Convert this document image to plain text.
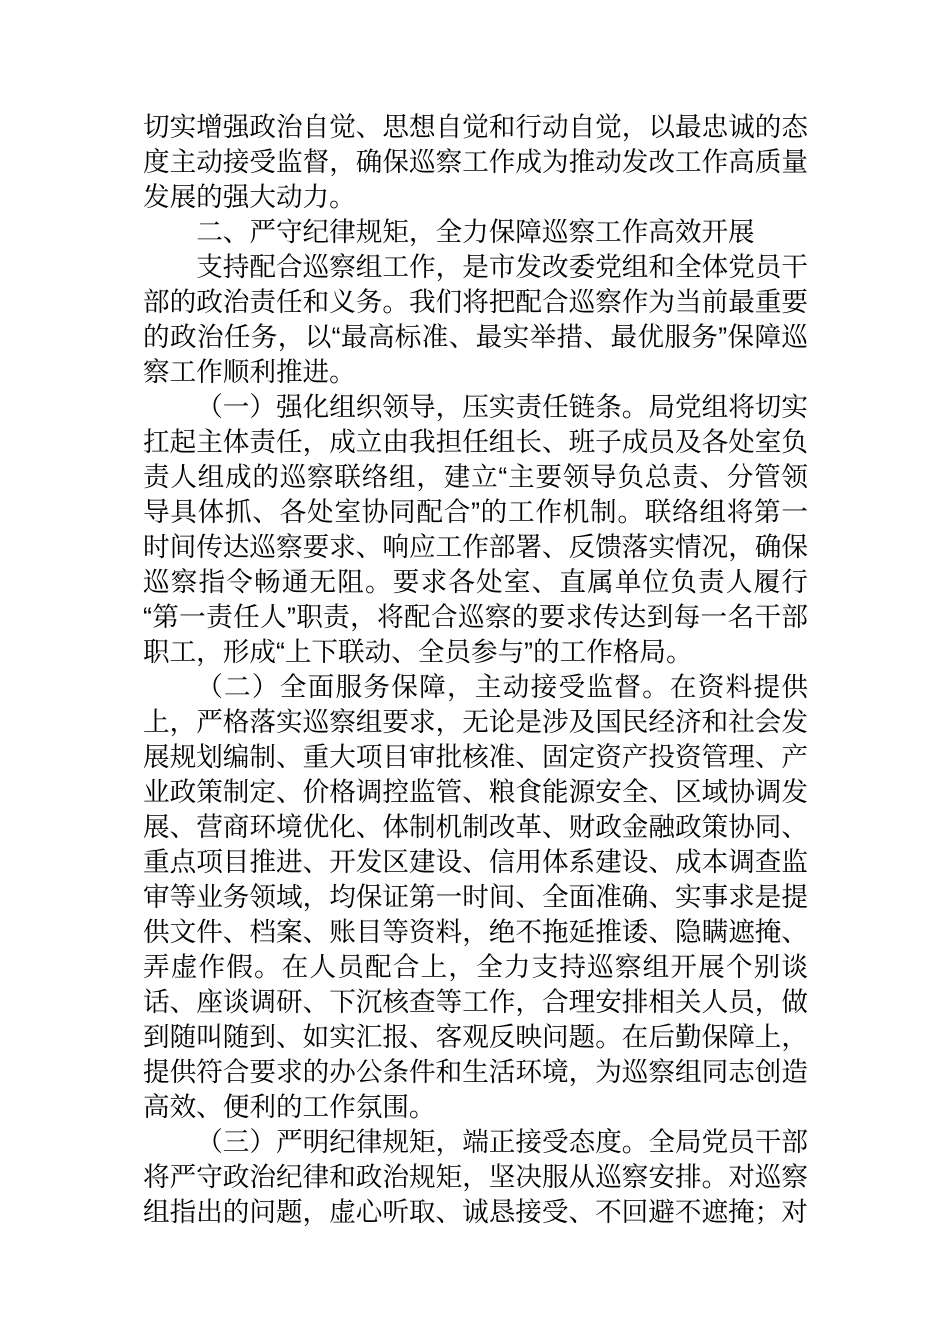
切实增强政治自觉、思想自觉和行动自觉，以最忠诚的态度主动接受监督，确保巡察工作成为推动发改工作高质量发展的强大动力。

二、严守纪律规矩，全力保障巡察工作高效开展

支持配合巡察组工作，是市发改委党组和全体党员干部的政治责任和义务。我们将把配合巡察作为当前最重要的政治任务，以“最高标准、最实举措、最优服务”保障巡察工作顺利推进。

（一）强化组织领导，压实责任链条。局党组将切实扛起主体责任，成立由我担任组长、班子成员及各处室负责人组成的巡察联络组，建立“主要领导负总责、分管领导具体抓、各处室协同配合”的工作机制。联络组将第一时间传达巡察要求、响应工作部署、反馈落实情况，确保巡察指令畅通无阻。要求各处室、直属单位负责人履行“第一责任人”职责，将配合巡察的要求传达到每一名干部职工，形成“上下联动、全员参与”的工作格局。

（二）全面服务保障，主动接受监督。在资料提供上，严格落实巡察组要求，无论是涉及国民经济和社会发展规划编制、重大项目审批核准、固定资产投资管理、产业政策制定、价格调控监管、粮食能源安全、区域协调发展、营商环境优化、体制机制改革、财政金融政策协同、重点项目推进、开发区建设、信用体系建设、成本调查监审等业务领域，均保证第一时间、全面准确、实事求是提供文件、档案、账目等资料，绝不拖延推诿、隐瞒遮掩、弄虚作假。在人员配合上，全力支持巡察组开展个别谈话、座谈调研、下沉核查等工作，合理安排相关人员，做到随叫随到、如实汇报、客观反映问题。在后勤保障上，提供符合要求的办公条件和生活环境，为巡察组同志创造高效、便利的工作氛围。

（三）严明纪律规矩，端正接受态度。全局党员干部将严守政治纪律和政治规矩，坚决服从巡察安排。对巡察组指出的问题，虚心听取、诚恳接受、不回避不遮掩；对
